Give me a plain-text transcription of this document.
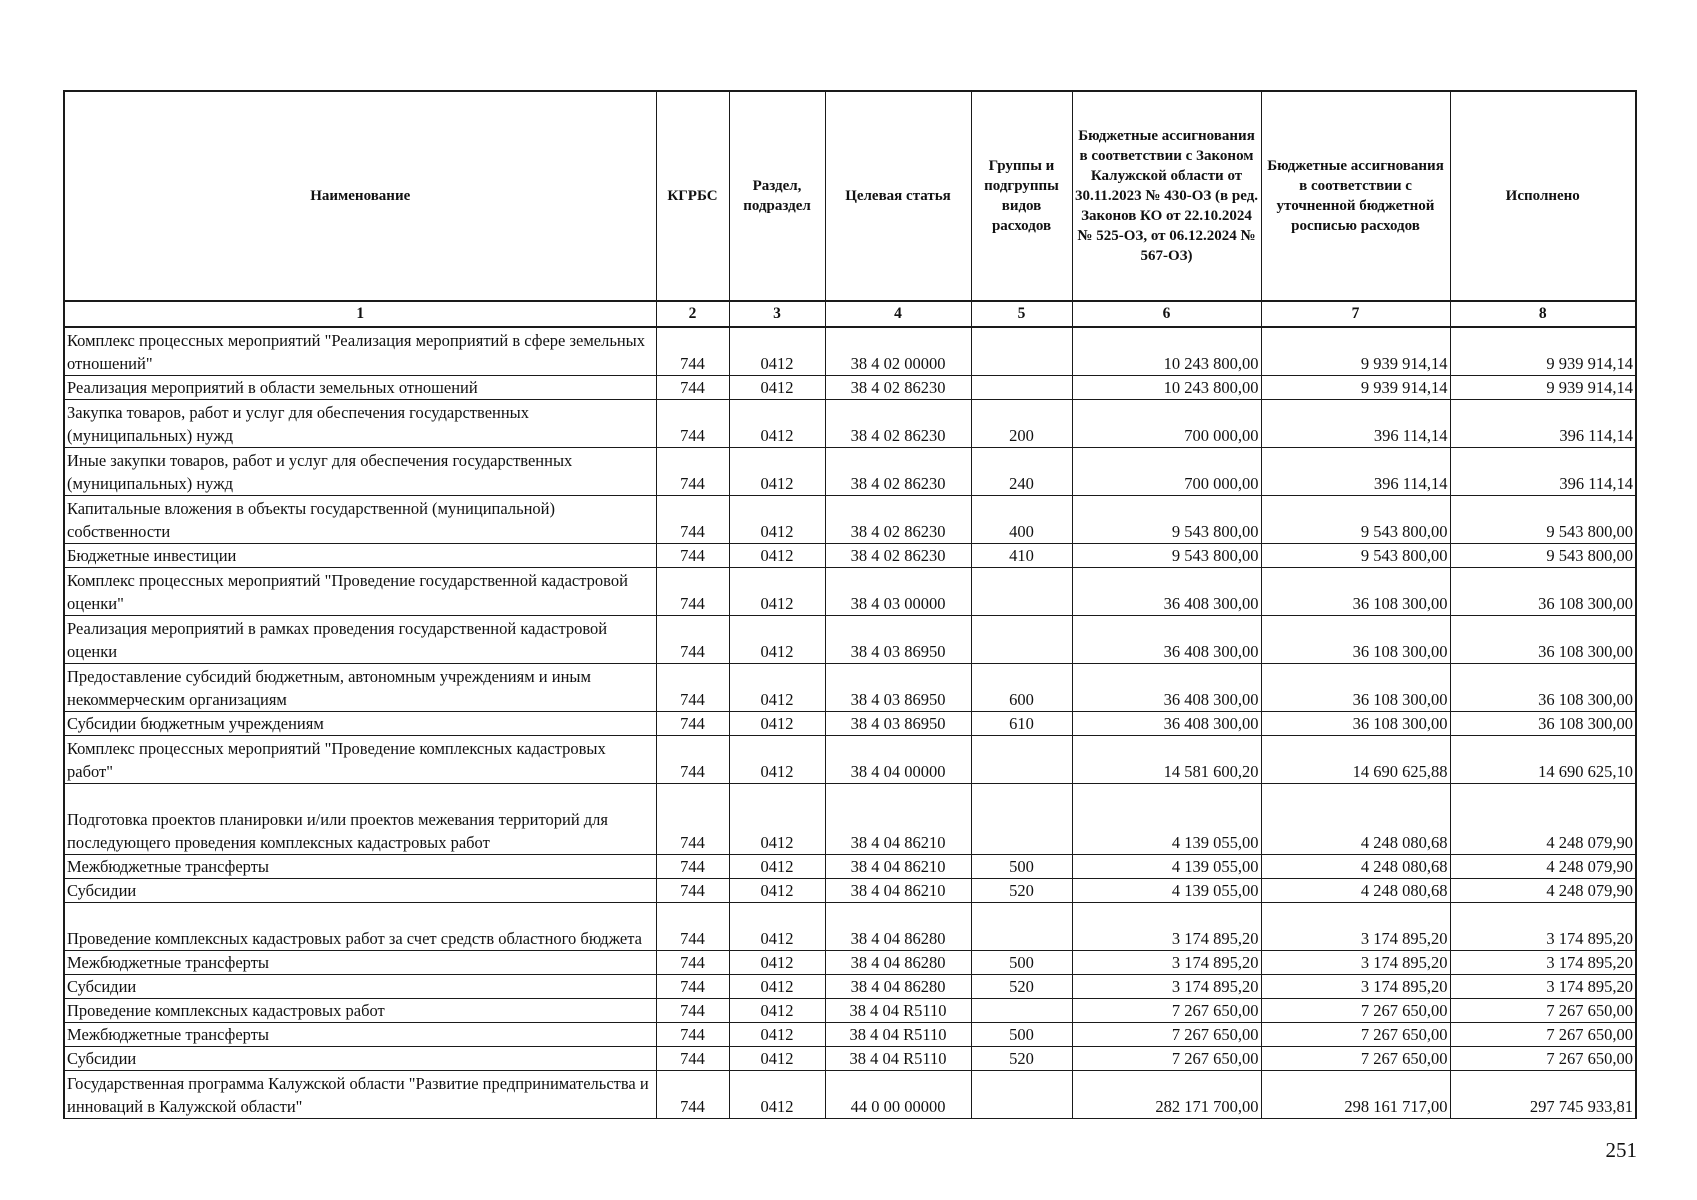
Наименование	КГРБС	Раздел, подраздел	Целевая статья	Группы и подгруппы видов расходов	Бюджетные ассигнования в соответствии с Законом Калужской области от 30.11.2023 № 430-ОЗ (в ред. Законов КО от 22.10.2024 № 525-ОЗ, от 06.12.2024 № 567-ОЗ)	Бюджетные ассигнования в соответствии с уточненной бюджетной росписью расходов	Исполнено
1	2	3	4	5	6	7	8
Комплекс процессных мероприятий "Реализация мероприятий в сфере земельных отношений"	744	0412	38 4 02 00000		10 243 800,00	9 939 914,14	9 939 914,14
Реализация мероприятий в области земельных отношений	744	0412	38 4 02 86230		10 243 800,00	9 939 914,14	9 939 914,14
Закупка товаров, работ и услуг для обеспечения государственных (муниципальных) нужд	744	0412	38 4 02 86230	200	700 000,00	396 114,14	396 114,14
Иные закупки товаров, работ и услуг для обеспечения государственных (муниципальных) нужд	744	0412	38 4 02 86230	240	700 000,00	396 114,14	396 114,14
Капитальные вложения в объекты государственной (муниципальной) собственности	744	0412	38 4 02 86230	400	9 543 800,00	9 543 800,00	9 543 800,00
Бюджетные инвестиции	744	0412	38 4 02 86230	410	9 543 800,00	9 543 800,00	9 543 800,00
Комплекс процессных мероприятий "Проведение государственной кадастровой оценки"	744	0412	38 4 03 00000		36 408 300,00	36 108 300,00	36 108 300,00
Реализация мероприятий в рамках проведения государственной кадастровой оценки	744	0412	38 4 03 86950		36 408 300,00	36 108 300,00	36 108 300,00
Предоставление субсидий бюджетным, автономным учреждениям и иным некоммерческим организациям	744	0412	38 4 03 86950	600	36 408 300,00	36 108 300,00	36 108 300,00
Субсидии бюджетным учреждениям	744	0412	38 4 03 86950	610	36 408 300,00	36 108 300,00	36 108 300,00
Комплекс процессных мероприятий "Проведение комплексных кадастровых работ"	744	0412	38 4 04 00000		14 581 600,20	14 690 625,88	14 690 625,10
Подготовка проектов планировки и/или проектов межевания территорий для последующего проведения комплексных кадастровых работ	744	0412	38 4 04 86210		4 139 055,00	4 248 080,68	4 248 079,90
Межбюджетные трансферты	744	0412	38 4 04 86210	500	4 139 055,00	4 248 080,68	4 248 079,90
Субсидии	744	0412	38 4 04 86210	520	4 139 055,00	4 248 080,68	4 248 079,90
Проведение комплексных кадастровых работ за счет средств областного бюджета	744	0412	38 4 04 86280		3 174 895,20	3 174 895,20	3 174 895,20
Межбюджетные трансферты	744	0412	38 4 04 86280	500	3 174 895,20	3 174 895,20	3 174 895,20
Субсидии	744	0412	38 4 04 86280	520	3 174 895,20	3 174 895,20	3 174 895,20
Проведение комплексных кадастровых работ	744	0412	38 4 04 R5110		7 267 650,00	7 267 650,00	7 267 650,00
Межбюджетные трансферты	744	0412	38 4 04 R5110	500	7 267 650,00	7 267 650,00	7 267 650,00
Субсидии	744	0412	38 4 04 R5110	520	7 267 650,00	7 267 650,00	7 267 650,00
Государственная программа Калужской области "Развитие предпринимательства и инноваций в Калужской области"	744	0412	44 0 00 00000		282 171 700,00	298 161 717,00	297 745 933,81
251
